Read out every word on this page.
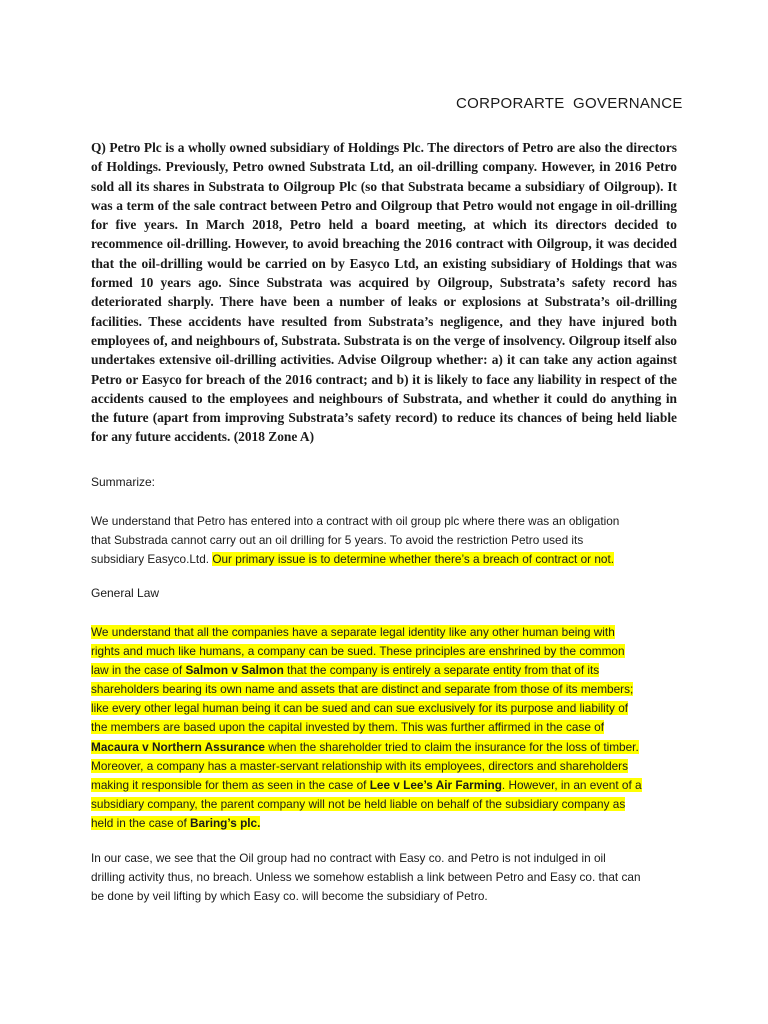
CORPORARTE GOVERNANCE

Q) Petro Plc is a wholly owned subsidiary of Holdings Plc. The directors of Petro are also the directors of Holdings. Previously, Petro owned Substrata Ltd, an oil-drilling company. However, in 2016 Petro sold all its shares in Substrata to Oilgroup Plc (so that Substrata became a subsidiary of Oilgroup). It was a term of the sale contract between Petro and Oilgroup that Petro would not engage in oil-drilling for five years. In March 2018, Petro held a board meeting, at which its directors decided to recommence oil-drilling. However, to avoid breaching the 2016 contract with Oilgroup, it was decided that the oil-drilling would be carried on by Easyco Ltd, an existing subsidiary of Holdings that was formed 10 years ago. Since Substrata was acquired by Oilgroup, Substrata’s safety record has deteriorated sharply. There have been a number of leaks or explosions at Substrata’s oil-drilling facilities. These accidents have resulted from Substrata’s negligence, and they have injured both employees of, and neighbours of, Substrata. Substrata is on the verge of insolvency. Oilgroup itself also undertakes extensive oil-drilling activities. Advise Oilgroup whether: a) it can take any action against Petro or Easyco for breach of the 2016 contract; and b) it is likely to face any liability in respect of the accidents caused to the employees and neighbours of Substrata, and whether it could do anything in the future (apart from improving Substrata’s safety record) to reduce its chances of being held liable for any future accidents. (2018 Zone A)

Summarize:

We understand that Petro has entered into a contract with oil group plc where there was an obligation
that Substrada cannot carry out an oil drilling for 5 years. To avoid the restriction Petro used its
subsidiary Easyco.Ltd. Our primary issue is to determine whether there’s a breach of contract or not.

General Law

We understand that all the companies have a separate legal identity like any other human being with
rights and much like humans, a company can be sued. These principles are enshrined by the common
law in the case of Salmon v Salmon that the company is entirely a separate entity from that of its
shareholders bearing its own name and assets that are distinct and separate from those of its members;
like every other legal human being it can be sued and can sue exclusively for its purpose and liability of
the members are based upon the capital invested by them. This was further affirmed in the case of
Macaura v Northern Assurance when the shareholder tried to claim the insurance for the loss of timber.
Moreover, a company has a master-servant relationship with its employees, directors and shareholders
making it responsible for them as seen in the case of Lee v Lee’s Air Farming. However, in an event of a
subsidiary company, the parent company will not be held liable on behalf of the subsidiary company as
held in the case of Baring’s plc.

In our case, we see that the Oil group had no contract with Easy co. and Petro is not indulged in oil
drilling activity thus, no breach. Unless we somehow establish a link between Petro and Easy co. that can
be done by veil lifting by which Easy co. will become the subsidiary of Petro.
